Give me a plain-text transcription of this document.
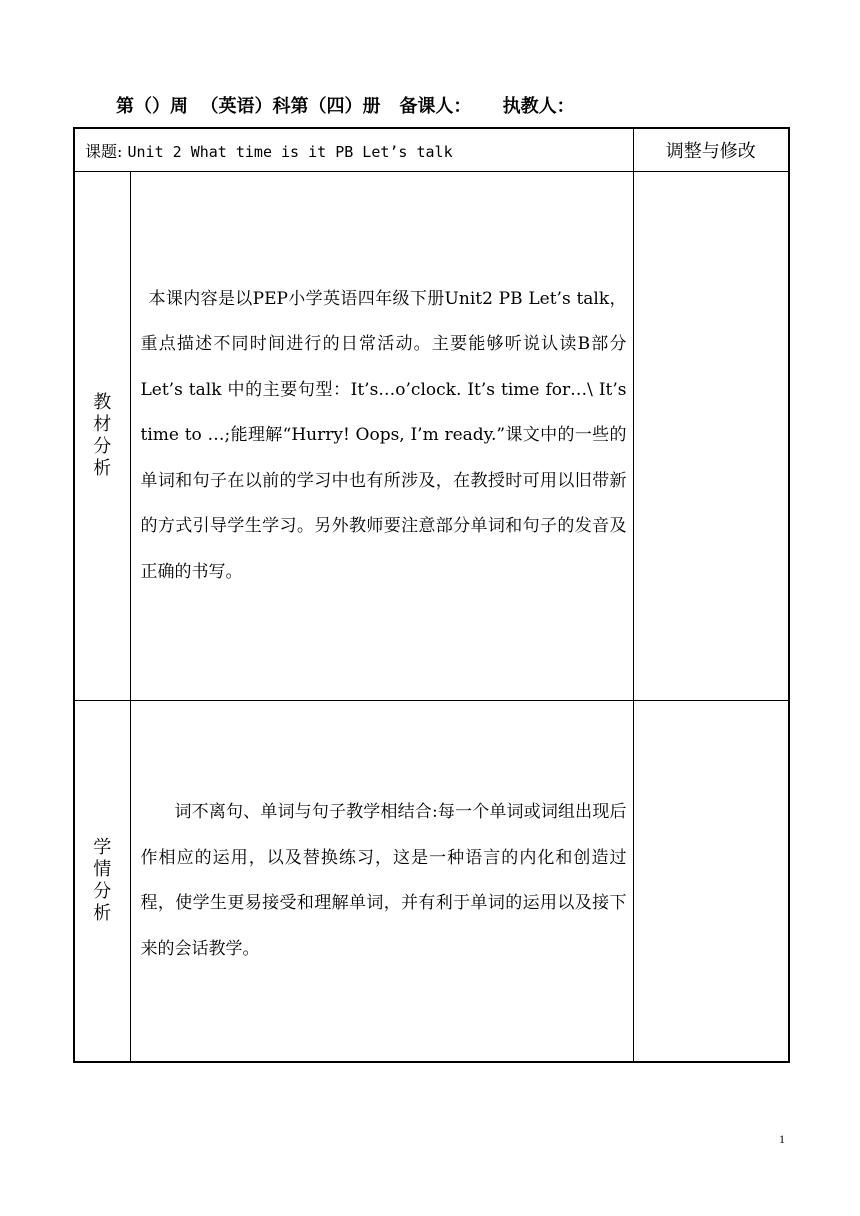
第（）周  （英语）科第（四）册   备课人：     执教人：
课题: Unit 2 What time is it PB Let’s talk		调整与修改
教材分析	本课内容是以PEP小学英语四年级下册Unit2 PB Let’s talk，重点描述不同时间进行的日常活动。主要能够听说认读B部分Let’s talk 中的主要句型：It’s…o’clock. It’s time for…\ It’s time to …;能理解“Hurry! Oops, I’m ready.”课文中的一些的单词和句子在以前的学习中也有所涉及，在教授时可用以旧带新的方式引导学生学习。另外教师要注意部分单词和句子的发音及正确的书写。	

学情分析	词不离句、单词与句子教学相结合:每一个单词或词组出现后作相应的运用，以及替换练习，这是一种语言的内化和创造过程，使学生更易接受和理解单词，并有利于单词的运用以及接下来的会话教学。	

1
